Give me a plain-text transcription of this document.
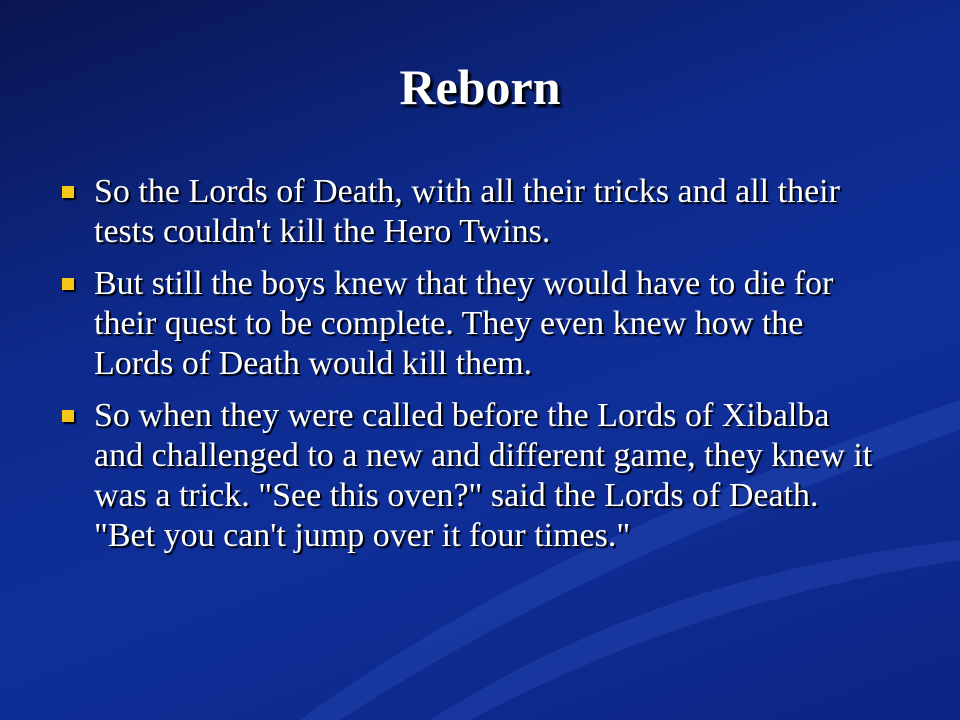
Reborn
So the Lords of Death, with all their tricks and all their tests couldn't kill the Hero Twins.
But still the boys knew that they would have to die for their quest to be complete. They even knew how the Lords of Death would kill them.
So when they were called before the Lords of Xibalba and challenged to a new and different game, they knew it was a trick. "See this oven?" said the Lords of Death. "Bet you can't jump over it four times."
